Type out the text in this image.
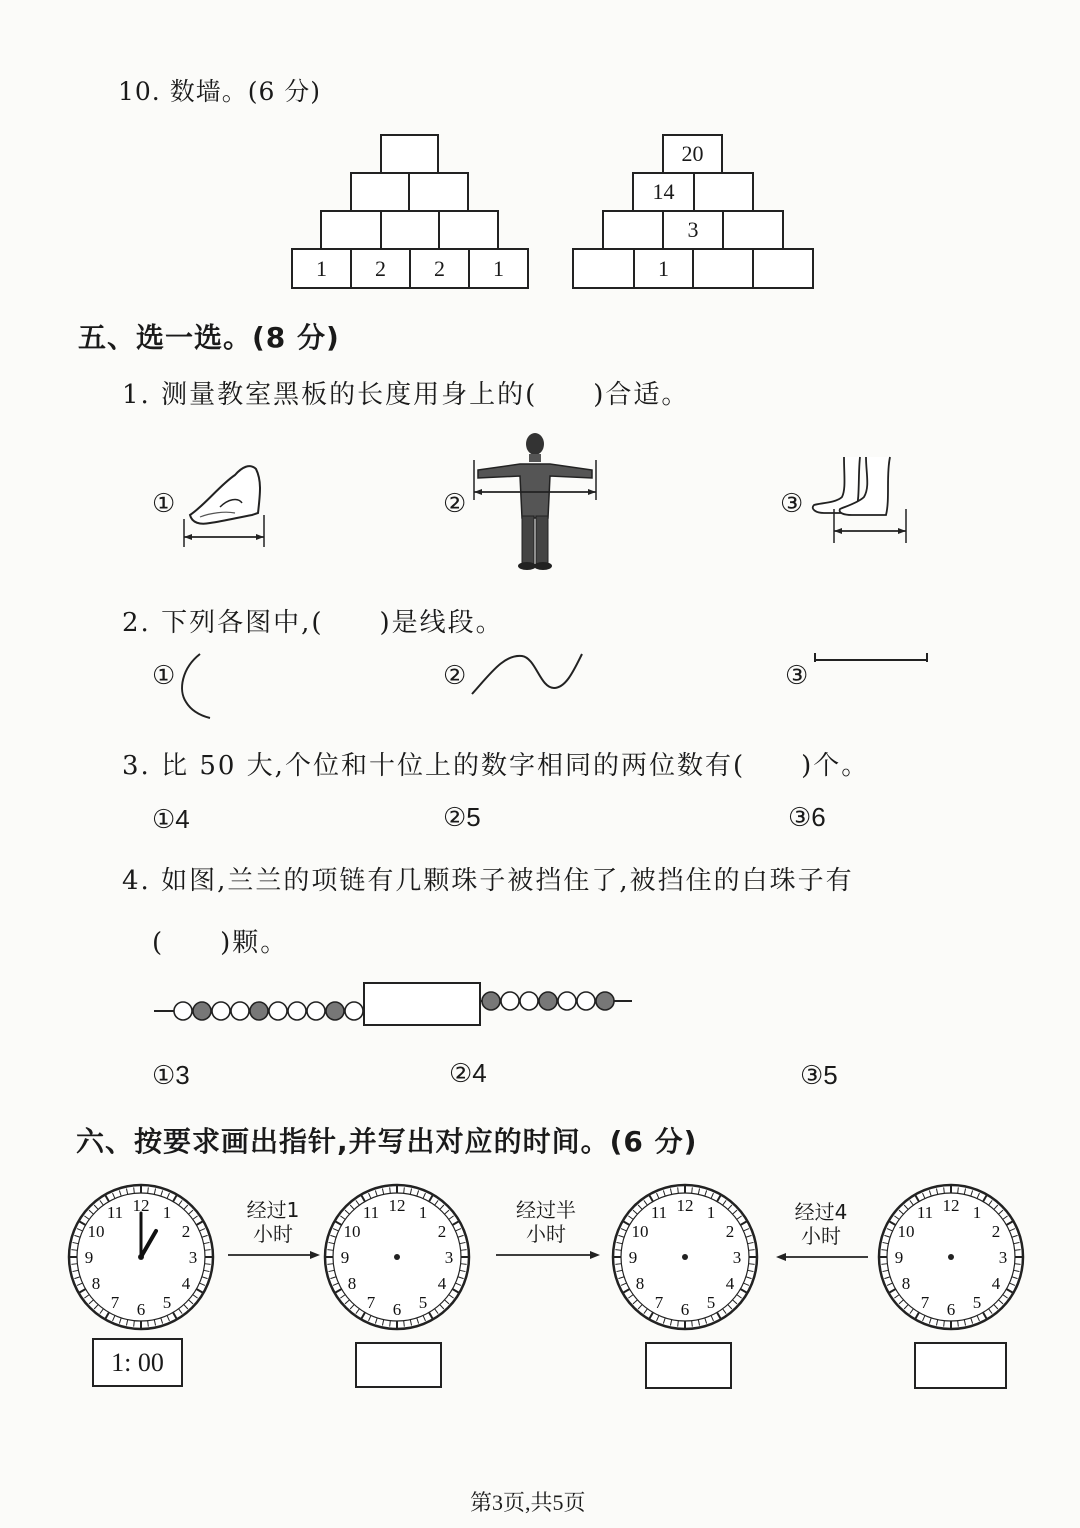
10. 数墙。(6 分)
1	2	2	1
20
14
3
1
五、选一选。(8 分)
1. 测量教室黑板的长度用身上的(　　)合适。
①	②	③
2. 下列各图中,(　　)是线段。
①	②	③
3. 比 50 大,个位和十位上的数字相同的两位数有(　　)个。
①4	②5	③6
4. 如图,兰兰的项链有几颗珠子被挡住了,被挡住的白珠子有
(　　)颗。
①3	②4	③5
六、按要求画出指针,并写出对应的时间。(6 分)
1
2
3
4
5
6
7
8
9
10
11 12	1
2
3
4
5
6
7
8
9
10
11 12	1
2
3
4
5
6
7
8
9
10
11 12	1
2
3
4
5
6
7
8
9
10
11 12
经过1
小时
经过半
小时
经过4
小时
1: 00
第3页,共5页
